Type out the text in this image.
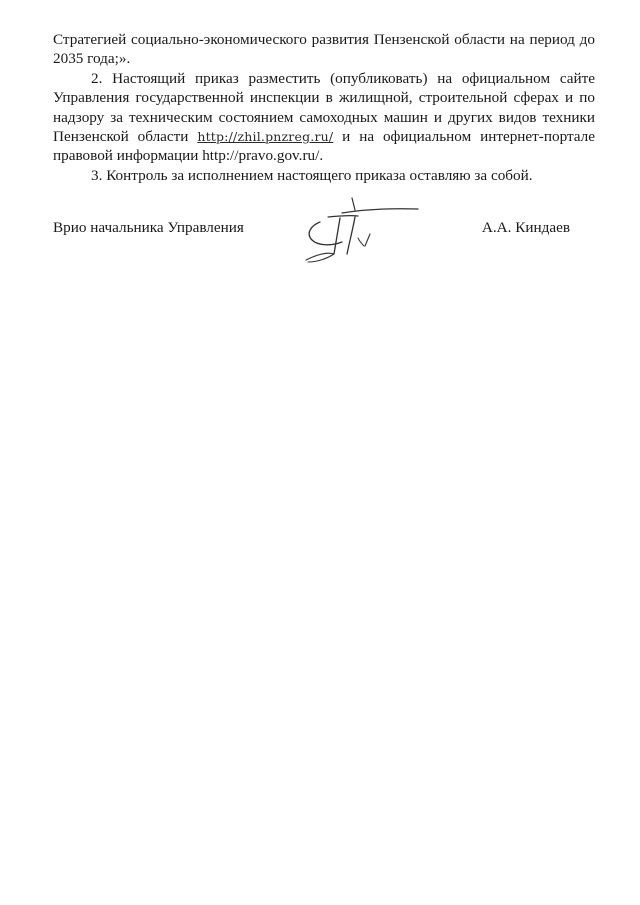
Стратегией социально-экономического развития Пензенской области на период до 2035 года;».

2. Настоящий приказ разместить (опубликовать) на официальном сайте Управления государственной инспекции в жилищной, строительной сферах и по надзору за техническим состоянием самоходных машин и других видов техники Пензенской области http://zhil.pnzreg.ru/ и на официальном интернет-портале правовой информации http://pravo.gov.ru/.

3. Контроль за исполнением настоящего приказа оставляю за собой.

Врио начальника Управления	А.А. Киндаев
